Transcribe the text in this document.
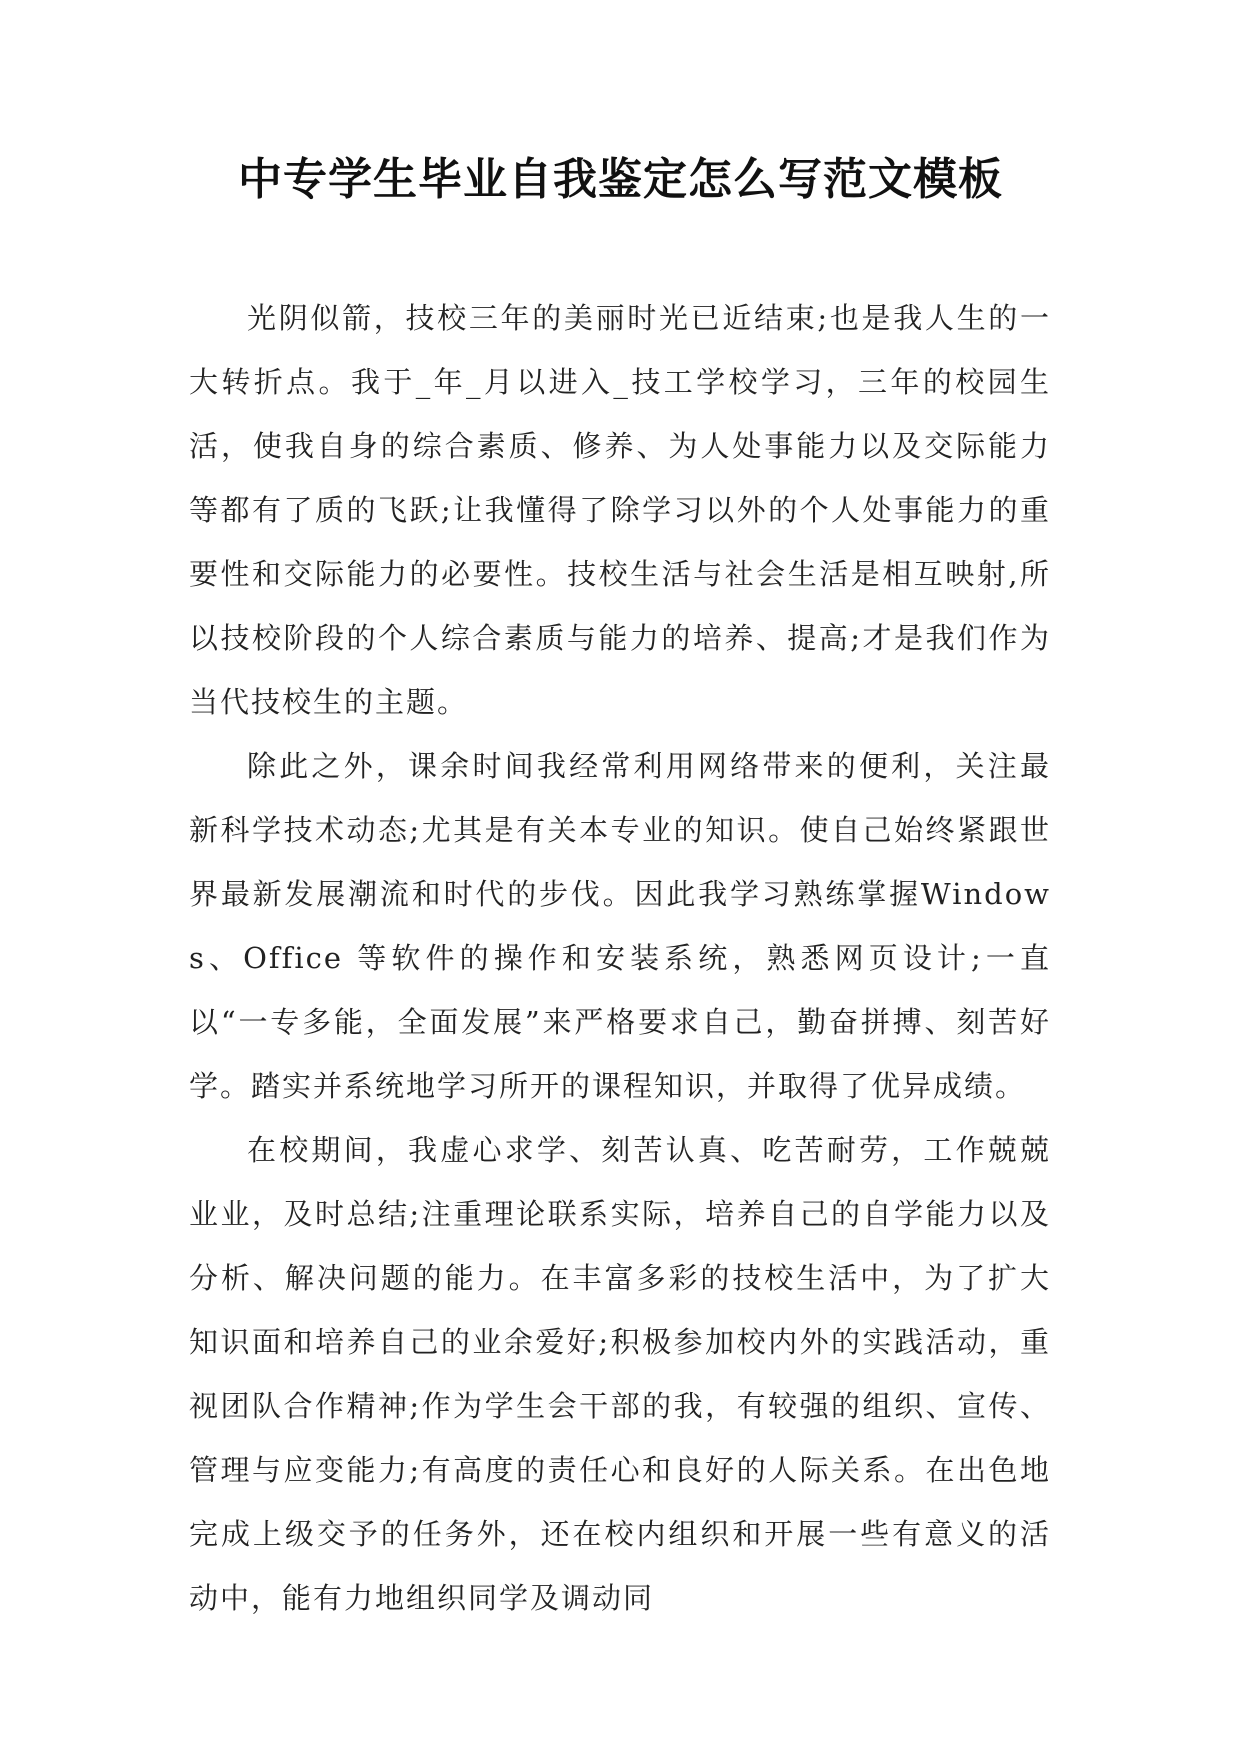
中专学生毕业自我鉴定怎么写范文模板

光阴似箭，技校三年的美丽时光已近结束;也是我人生的一大转折点。我于_年_月以进入_技工学校学习，三年的校园生活，使我自身的综合素质、修养、为人处事能力以及交际能力等都有了质的飞跃;让我懂得了除学习以外的个人处事能力的重要性和交际能力的必要性。技校生活与社会生活是相互映射,所以技校阶段的个人综合素质与能力的培养、提高;才是我们作为当代技校生的主题。

除此之外，课余时间我经常利用网络带来的便利，关注最新科学技术动态;尤其是有关本专业的知识。使自己始终紧跟世界最新发展潮流和时代的步伐。因此我学习熟练掌握Windows、Office 等软件的操作和安装系统，熟悉网页设计;一直以“一专多能，全面发展”来严格要求自己，勤奋拼搏、刻苦好学。踏实并系统地学习所开的课程知识，并取得了优异成绩。

在校期间，我虚心求学、刻苦认真、吃苦耐劳，工作兢兢业业，及时总结;注重理论联系实际，培养自己的自学能力以及分析、解决问题的能力。在丰富多彩的技校生活中，为了扩大知识面和培养自己的业余爱好;积极参加校内外的实践活动，重视团队合作精神;作为学生会干部的我，有较强的组织、宣传、管理与应变能力;有高度的责任心和良好的人际关系。在出色地完成上级交予的任务外，还在校内组织和开展一些有意义的活动中，能有力地组织同学及调动同
